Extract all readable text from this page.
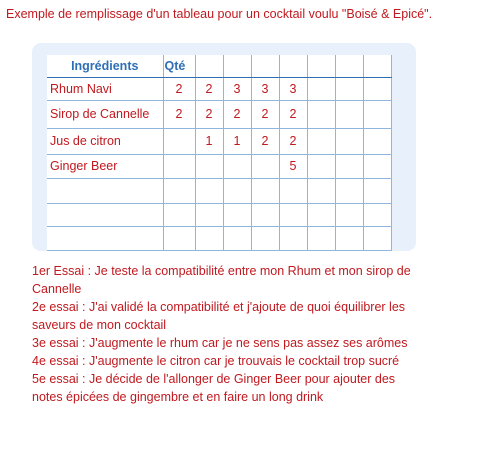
Exemple de remplissage d'un tableau pour un cocktail voulu "Boisé & Epicé".
Ingrédients	Qté							
Rhum Navi	2	2	3	3	3			
Sirop de Cannelle	2	2	2	2	2			
Jus de citron		1	1	2	2			
Ginger Beer					5			

1er Essai : Je teste la compatibilité entre mon Rhum et mon sirop de Cannelle

2e essai : J'ai validé la compatibilité et j'ajoute de quoi équilibrer les saveurs de mon cocktail

3e essai : J'augmente le rhum car je ne sens pas assez ses arômes

4e essai : J'augmente le citron car je trouvais le cocktail trop sucré

5e essai : Je décide de l'allonger de Ginger Beer pour ajouter des notes épicées de gingembre et en faire un long drink
